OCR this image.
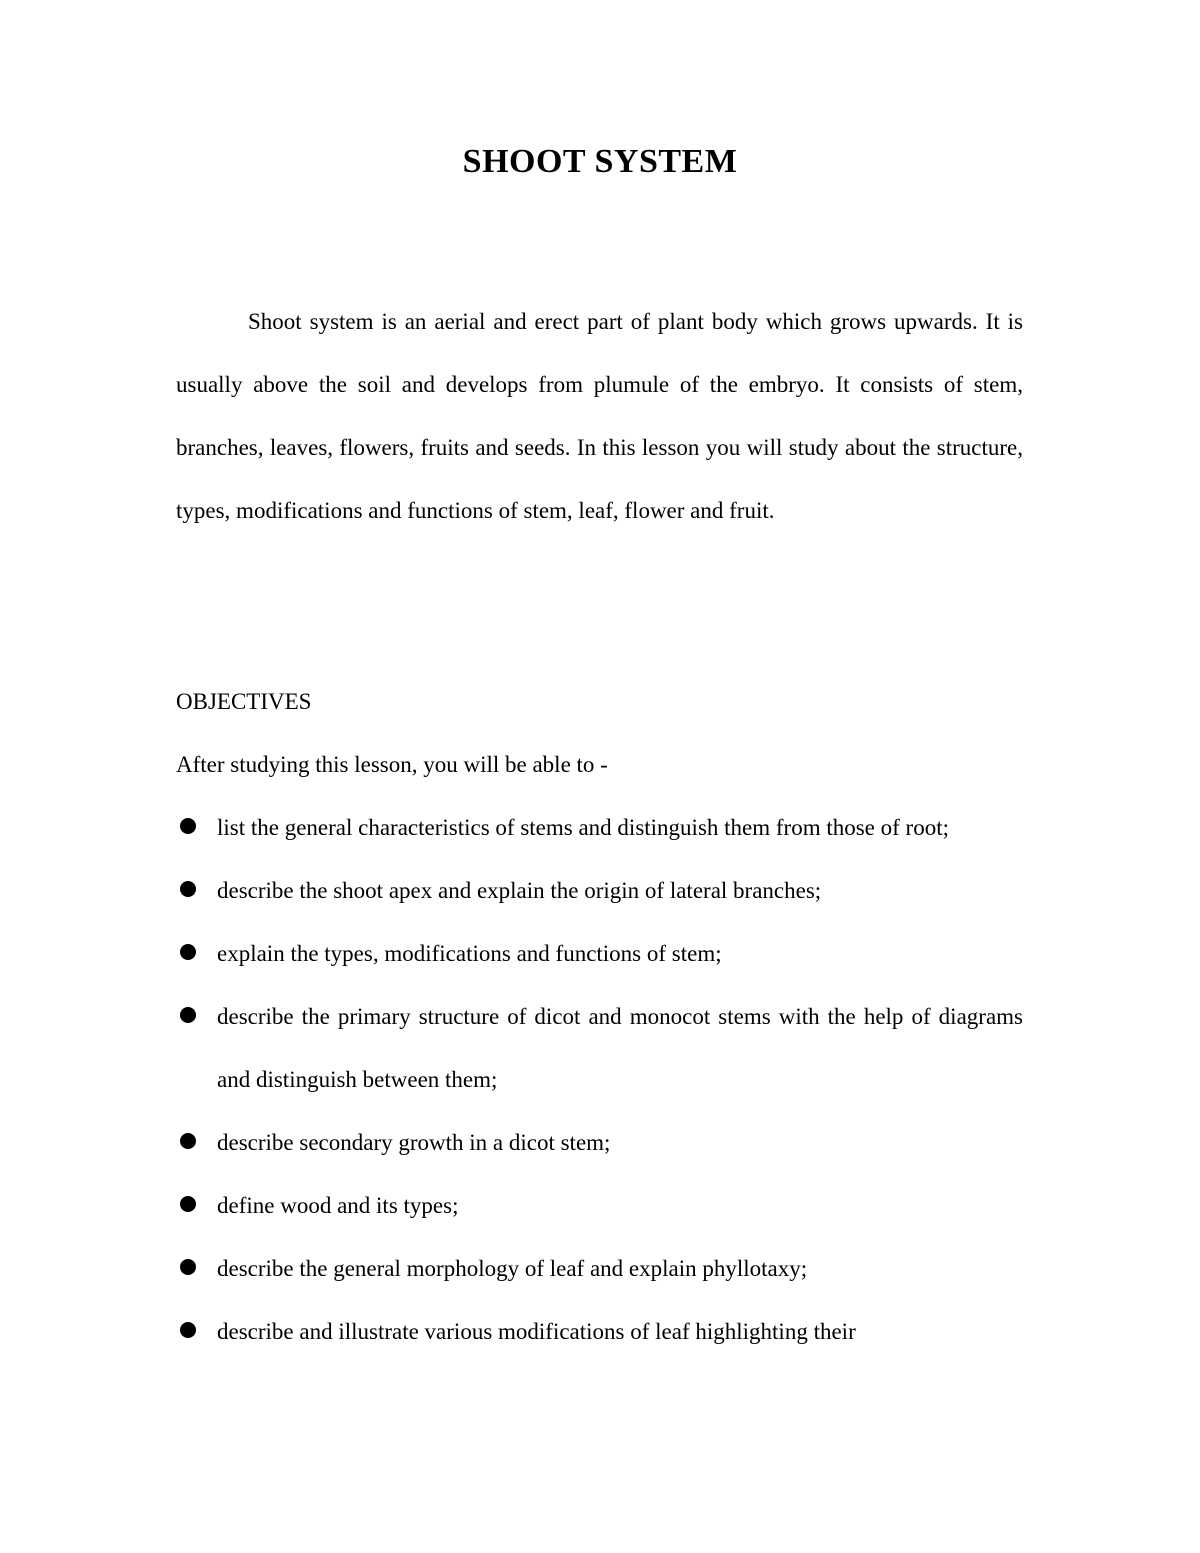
SHOOT SYSTEM

Shoot system is an aerial and erect part of plant body which grows upwards. It is usually above the soil and develops from plumule of the embryo. It consists of stem, branches, leaves, flowers, fruits and seeds. In this lesson you will study about the structure, types, modifications and functions of stem, leaf, flower and fruit.

OBJECTIVES

After studying this lesson, you will be able to -

list the general characteristics of stems and distinguish them from those of root;
describe the shoot apex and explain the origin of lateral branches;
explain the types, modifications and functions of stem;
describe the primary structure of dicot and monocot stems with the help of diagrams and distinguish between them;
describe secondary growth in a dicot stem;
define wood and its types;
describe the general morphology of leaf and explain phyllotaxy;
describe and illustrate various modifications of leaf highlighting their
